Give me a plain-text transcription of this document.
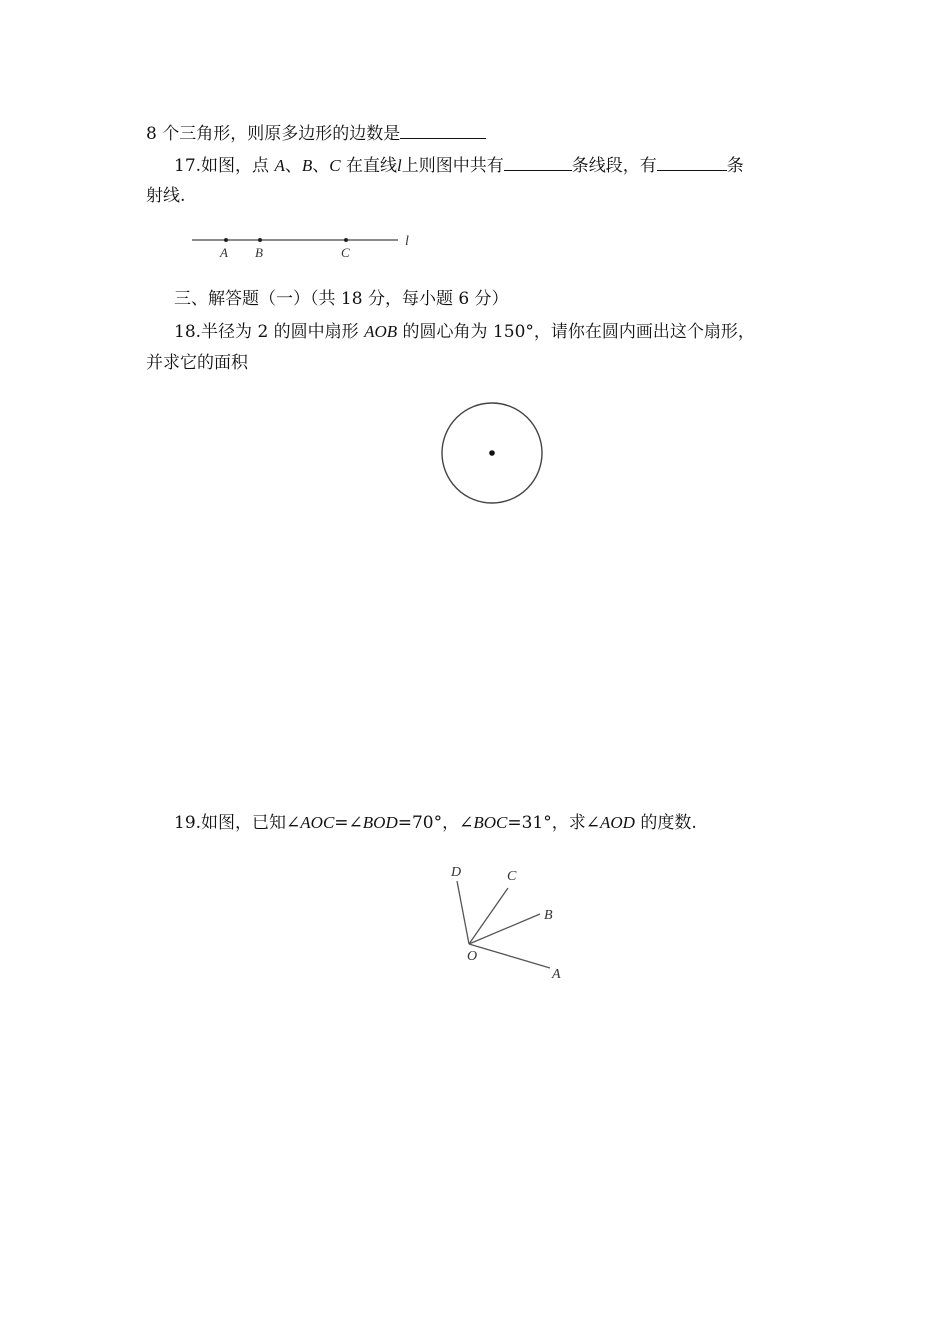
8 个三角形，则原多边形的边数是
17.如图，点 A、B、C 在直线l上则图中共有	条线段，有	条
射线.
A B	C
l
三、解答题（一）（共 18 分，每小题 6 分）
18.半径为 2 的圆中扇形 AOB 的圆心角为 150°，请你在圆内画出这个扇形，
并求它的面积
19.如图，已知∠AOC=∠BOD=70°，∠BOC=31°，求∠AOD 的度数.
D	C
B
O
A
